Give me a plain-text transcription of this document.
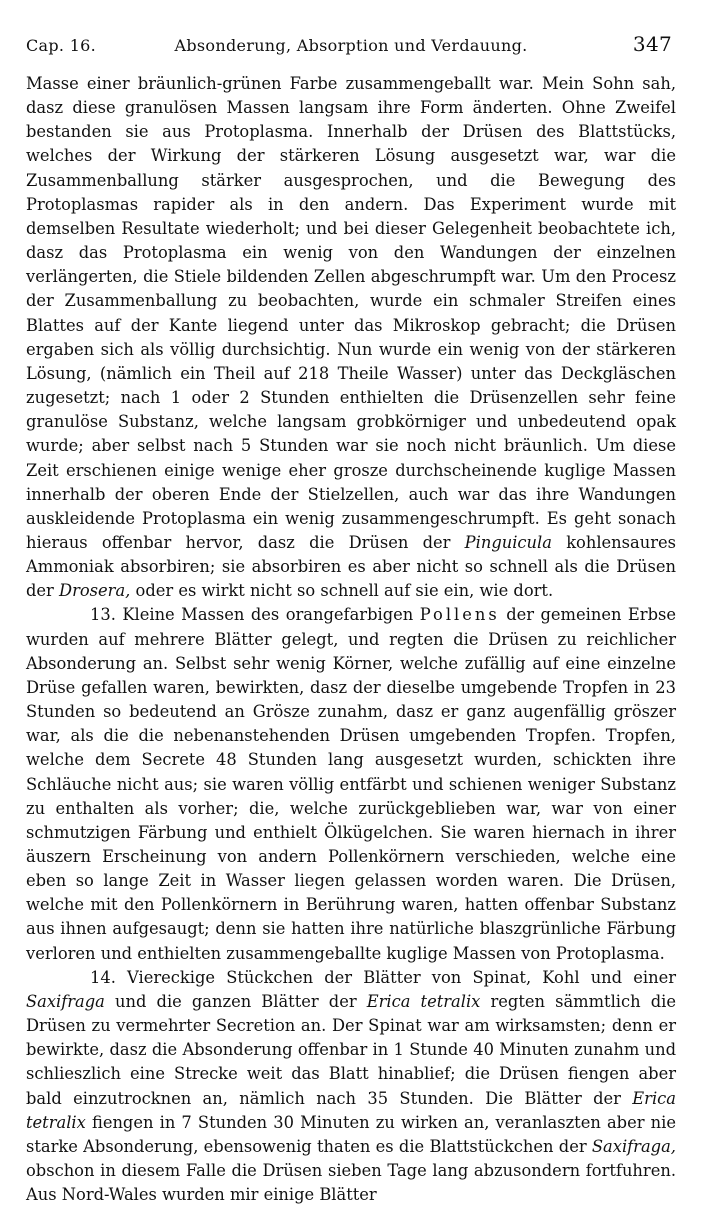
Cap. 16.	Absonderung, Absorption und Verdauung.	347

Masse einer bräunlich-grünen Farbe zusammengeballt war. Mein Sohn sah, dasz diese granulösen Massen langsam ihre Form änderten. Ohne Zweifel bestanden sie aus Protoplasma. Innerhalb der Drüsen des Blattstücks, welches der Wirkung der stärkeren Lösung ausgesetzt war, war die Zusammenballung stärker ausgesprochen, und die Bewegung des Protoplasmas rapider als in den andern. Das Experiment wurde mit demselben Resultate wiederholt; und bei dieser Gelegenheit beobachtete ich, dasz das Protoplasma ein wenig von den Wandungen der einzelnen verlängerten, die Stiele bildenden Zellen abgeschrumpft war. Um den Procesz der Zusammenballung zu beobachten, wurde ein schmaler Streifen eines Blattes auf der Kante liegend unter das Mikroskop gebracht; die Drüsen ergaben sich als völlig durchsichtig. Nun wurde ein wenig von der stärkeren Lösung, (nämlich ein Theil auf 218 Theile Wasser) unter das Deckgläschen zugesetzt; nach 1 oder 2 Stunden enthielten die Drüsenzellen sehr feine granulöse Substanz, welche langsam grobkörniger und unbedeutend opak wurde; aber selbst nach 5 Stunden war sie noch nicht bräunlich. Um diese Zeit erschienen einige wenige eher grosze durchscheinende kuglige Massen innerhalb der oberen Ende der Stielzellen, auch war das ihre Wandungen auskleidende Protoplasma ein wenig zusammengeschrumpft. Es geht sonach hieraus offenbar hervor, dasz die Drüsen der Pinguicula kohlensaures Ammoniak absorbiren; sie absorbiren es aber nicht so schnell als die Drüsen der Drosera, oder es wirkt nicht so schnell auf sie ein, wie dort.

13. Kleine Massen des orangefarbigen Pollens der gemeinen Erbse wurden auf mehrere Blätter gelegt, und regten die Drüsen zu reichlicher Absonderung an. Selbst sehr wenig Körner, welche zufällig auf eine einzelne Drüse gefallen waren, bewirkten, dasz der dieselbe umgebende Tropfen in 23 Stunden so bedeutend an Grösze zunahm, dasz er ganz augenfällig gröszer war, als die die nebenanstehenden Drüsen umgebenden Tropfen. Tropfen, welche dem Secrete 48 Stunden lang ausgesetzt wurden, schickten ihre Schläuche nicht aus; sie waren völlig entfärbt und schienen weniger Substanz zu enthalten als vorher; die, welche zurückgeblieben war, war von einer schmutzigen Färbung und enthielt Ölkügelchen. Sie waren hiernach in ihrer äuszern Erscheinung von andern Pollenkörnern verschieden, welche eine eben so lange Zeit in Wasser liegen gelassen worden waren. Die Drüsen, welche mit den Pollenkörnern in Berührung waren, hatten offenbar Substanz aus ihnen aufgesaugt; denn sie hatten ihre natürliche blaszgrünliche Färbung verloren und enthielten zusammengeballte kuglige Massen von Protoplasma.

14. Viereckige Stückchen der Blätter von Spinat, Kohl und einer Saxifraga und die ganzen Blätter der Erica tetralix regten sämmtlich die Drüsen zu vermehrter Secretion an. Der Spinat war am wirksamsten; denn er bewirkte, dasz die Absonderung offenbar in 1 Stunde 40 Minuten zunahm und schlieszlich eine Strecke weit das Blatt hinablief; die Drüsen fiengen aber bald einzutrocknen an, nämlich nach 35 Stunden. Die Blätter der Erica tetralix fiengen in 7 Stunden 30 Minuten zu wirken an, veranlaszten aber nie starke Absonderung, ebensowenig thaten es die Blattstückchen der Saxifraga, obschon in diesem Falle die Drüsen sieben Tage lang abzusondern fortfuhren. Aus Nord-Wales wurden mir einige Blätter
